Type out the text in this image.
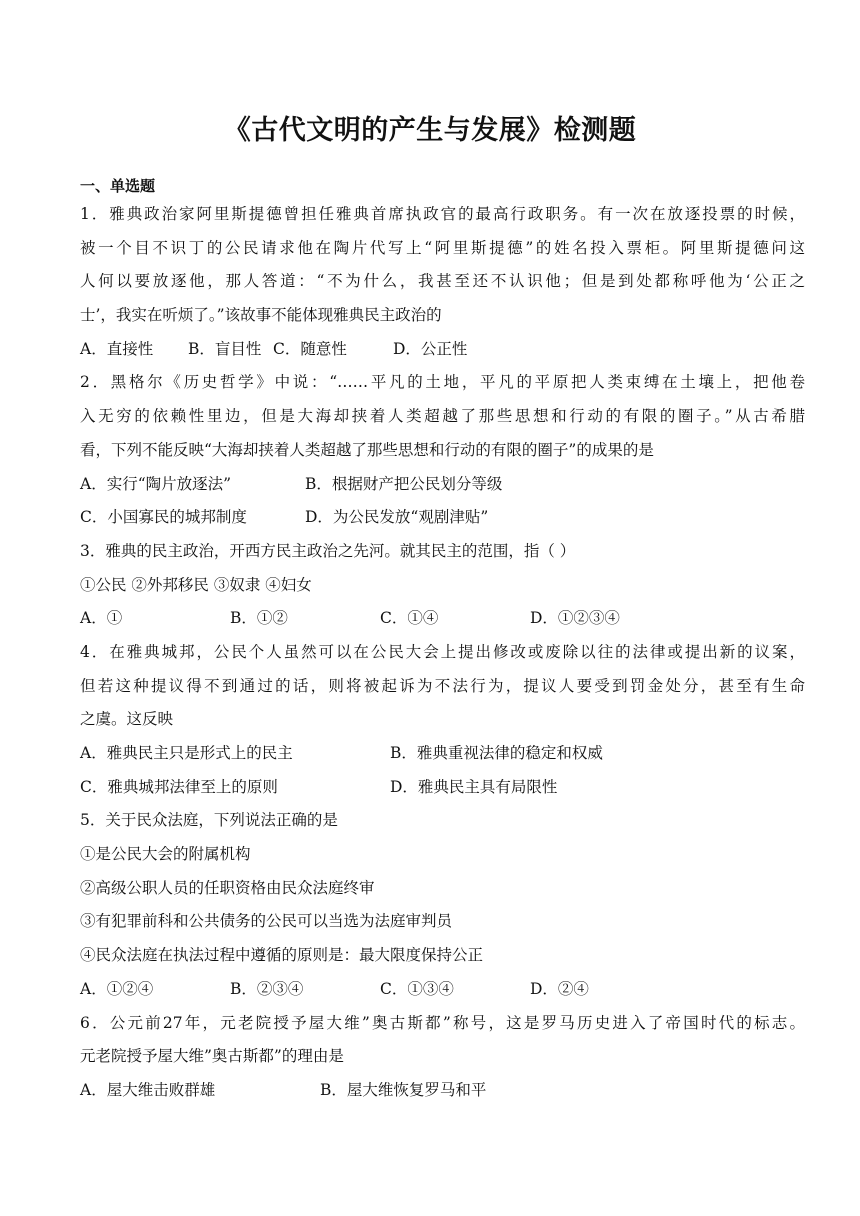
《古代文明的产生与发展》检测题
一、单选题
1．雅典政治家阿里斯提德曾担任雅典首席执政官的最高行政职务。有一次在放逐投票的时候，
被一个目不识丁的公民请求他在陶片代写上“阿里斯提德”的姓名投入票柜。阿里斯提德问这
人何以要放逐他，那人答道：“不为什么，我甚至还不认识他；但是到处都称呼他为‘公正之
士’，我实在听烦了。”该故事不能体现雅典民主政治的
A．直接性	B．盲目性 C．随意性	D．公正性
2．黑格尔《历史哲学》中说：“……平凡的土地，平凡的平原把人类束缚在土壤上，把他卷
入无穷的依赖性里边，但是大海却挟着人类超越了那些思想和行动的有限的圈子。”从古希腊
看，下列不能反映“大海却挟着人类超越了那些思想和行动的有限的圈子”的成果的是
A．实行“陶片放逐法”	B．根据财产把公民划分等级
C．小国寡民的城邦制度	D．为公民发放“观剧津贴”
3．雅典的民主政治，开西方民主政治之先河。就其民主的范围，指（ ）
①公民 ②外邦移民 ③奴隶 ④妇女
A．①	B．①②	C．①④	D．①②③④
4．在雅典城邦，公民个人虽然可以在公民大会上提出修改或废除以往的法律或提出新的议案，
但若这种提议得不到通过的话，则将被起诉为不法行为，提议人要受到罚金处分，甚至有生命
之虞。这反映
A．雅典民主只是形式上的民主	B．雅典重视法律的稳定和权威
C．雅典城邦法律至上的原则	D．雅典民主具有局限性
5．关于民众法庭，下列说法正确的是
①是公民大会的附属机构
②高级公职人员的任职资格由民众法庭终审
③有犯罪前科和公共债务的公民可以当选为法庭审判员
④民众法庭在执法过程中遵循的原则是：最大限度保持公正
A．①②④	B．②③④	C．①③④	D．②④
6．公元前27年，元老院授予屋大维”奥古斯都”称号，这是罗马历史进入了帝国时代的标志。
元老院授予屋大维”奥古斯都”的理由是
A．屋大维击败群雄	B．屋大维恢复罗马和平
